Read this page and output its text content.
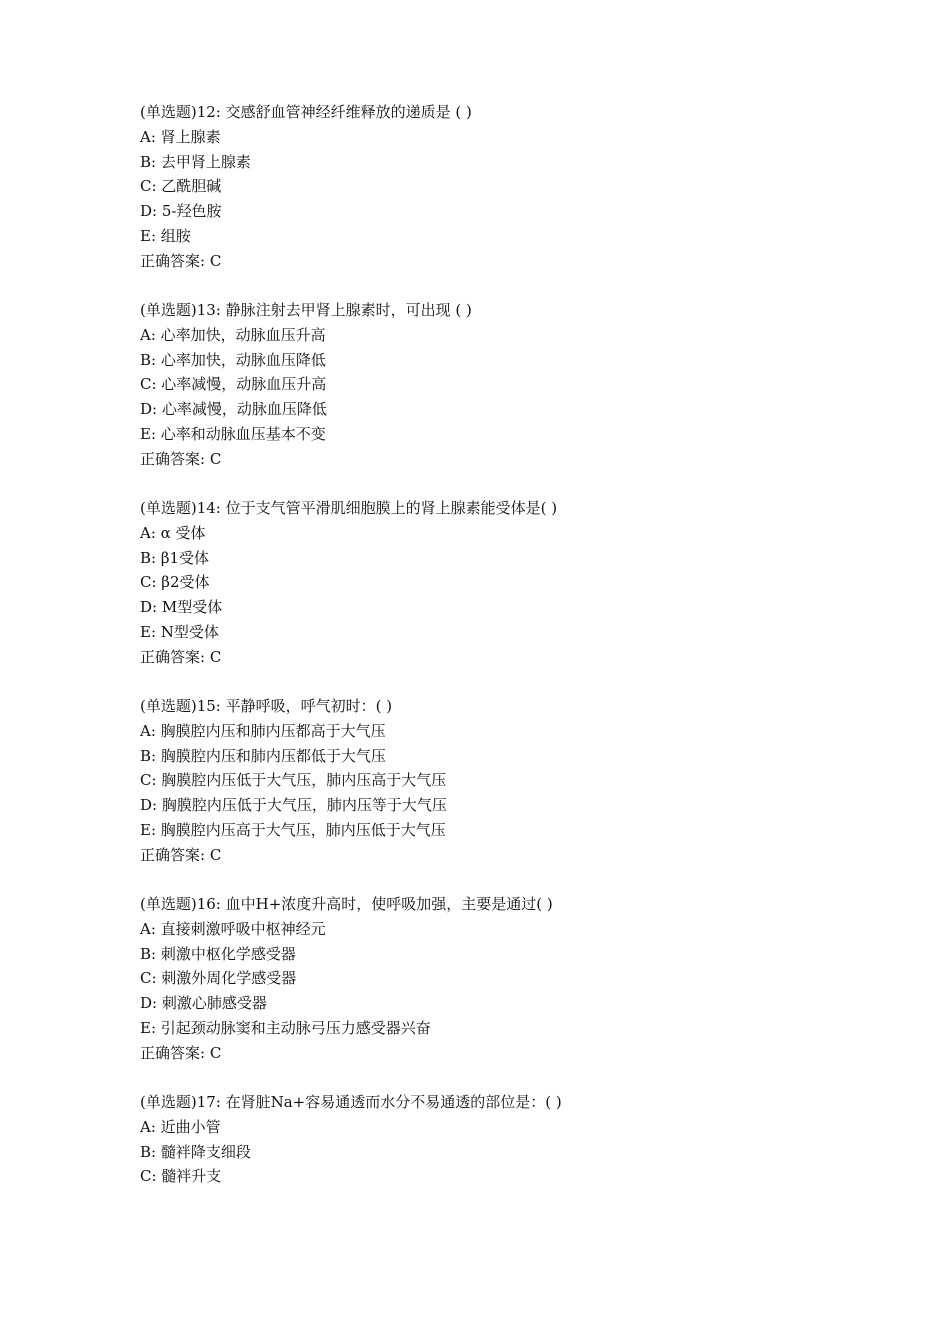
(单选题)12: 交感舒血管神经纤维释放的递质是 ( )
A: 肾上腺素
B: 去甲肾上腺素
C: 乙酰胆碱
D: 5-羟色胺
E: 组胺
正确答案: C
(单选题)13: 静脉注射去甲肾上腺素时，可出现 ( )
A: 心率加快，动脉血压升高
B: 心率加快，动脉血压降低
C: 心率减慢，动脉血压升高
D: 心率减慢，动脉血压降低
E: 心率和动脉血压基本不变
正确答案: C
(单选题)14: 位于支气管平滑肌细胞膜上的肾上腺素能受体是( )
A: α 受体
B: β1受体
C: β2受体
D: M型受体
E: N型受体
正确答案: C
(单选题)15: 平静呼吸，呼气初时：( )
A: 胸膜腔内压和肺内压都高于大气压
B: 胸膜腔内压和肺内压都低于大气压
C: 胸膜腔内压低于大气压，肺内压高于大气压
D: 胸膜腔内压低于大气压，肺内压等于大气压
E: 胸膜腔内压高于大气压，肺内压低于大气压
正确答案: C
(单选题)16: 血中H+浓度升高时，使呼吸加强，主要是通过( )
A: 直接刺激呼吸中枢神经元
B: 刺激中枢化学感受器
C: 刺激外周化学感受器
D: 刺激心肺感受器
E: 引起颈动脉窦和主动脉弓压力感受器兴奋
正确答案: C
(单选题)17: 在肾脏Na+容易通透而水分不易通透的部位是：( )
A: 近曲小管
B: 髓袢降支细段
C: 髓袢升支
